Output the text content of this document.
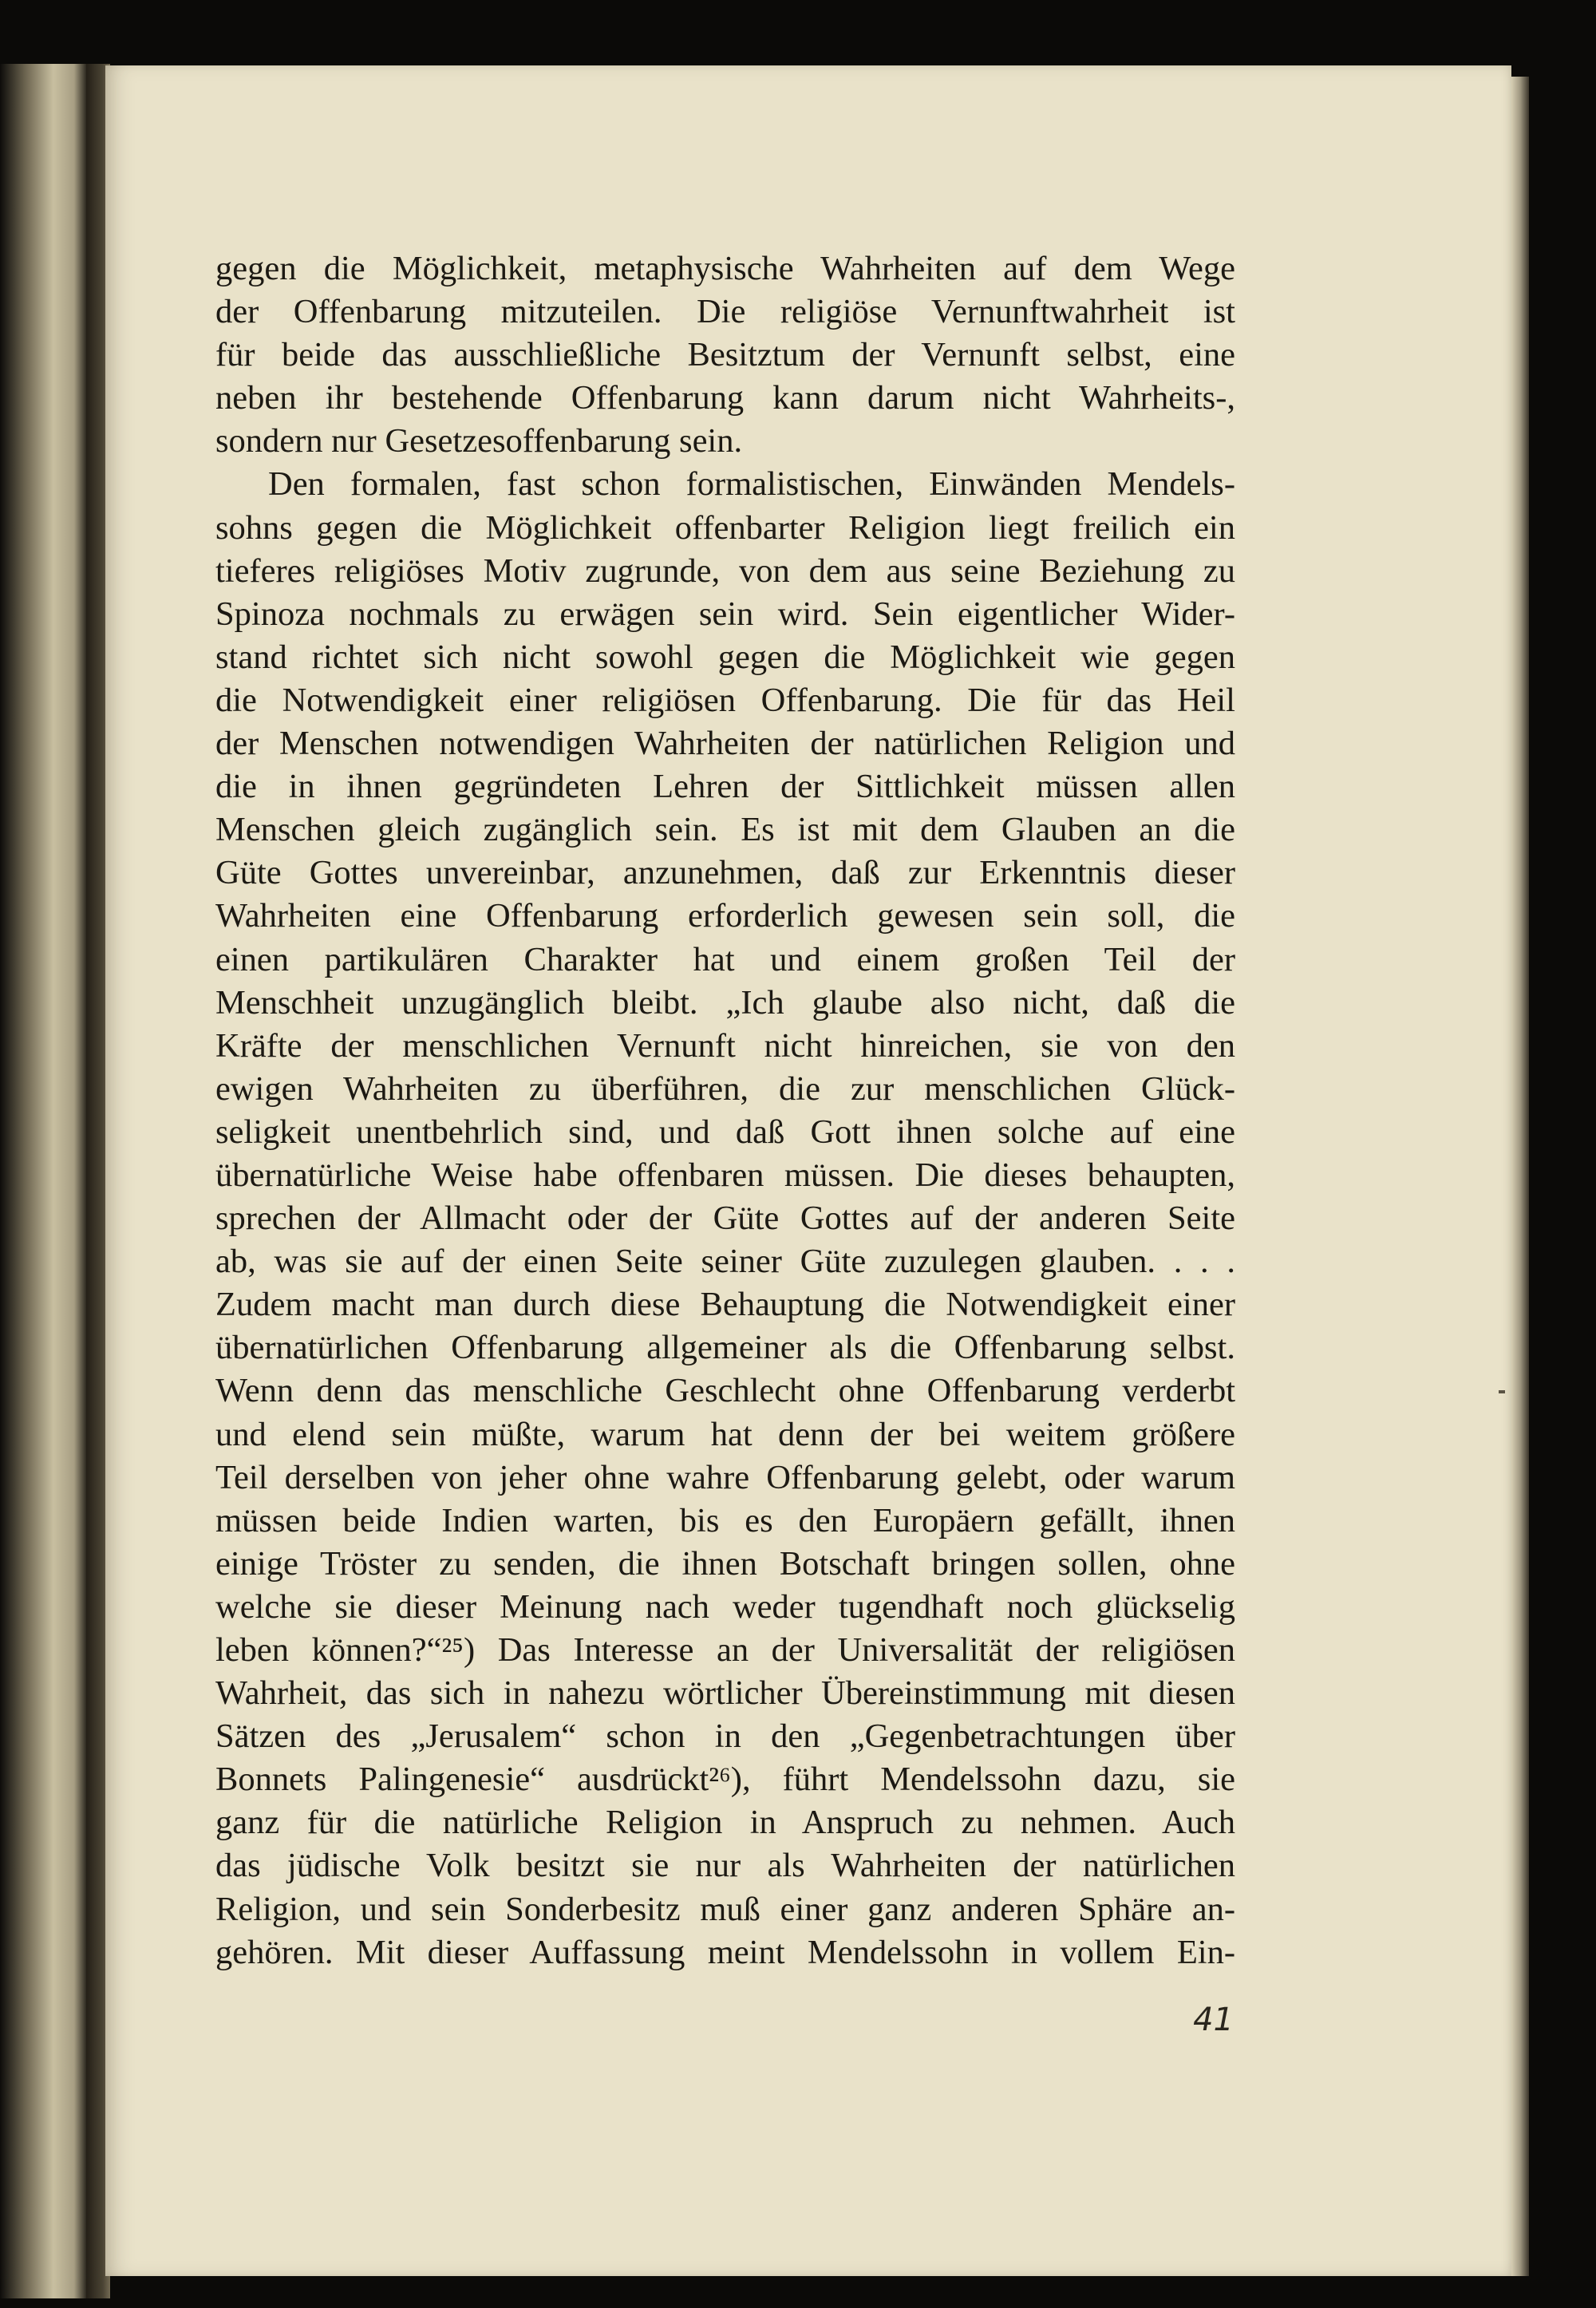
gegen die Möglichkeit, metaphysische Wahrheiten auf dem Wege
der Offenbarung mitzuteilen. Die religiöse Vernunftwahrheit ist
für beide das ausschließliche Besitztum der Vernunft selbst, eine
neben ihr bestehende Offenbarung kann darum nicht Wahrheits-,
sondern nur Gesetzesoffenbarung sein.
Den formalen, fast schon formalistischen, Einwänden Mendels-
sohns gegen die Möglichkeit offenbarter Religion liegt freilich ein
tieferes religiöses Motiv zugrunde, von dem aus seine Beziehung zu
Spinoza nochmals zu erwägen sein wird. Sein eigentlicher Wider-
stand richtet sich nicht sowohl gegen die Möglichkeit wie gegen
die Notwendigkeit einer religiösen Offenbarung. Die für das Heil
der Menschen notwendigen Wahrheiten der natürlichen Religion und
die in ihnen gegründeten Lehren der Sittlichkeit müssen allen
Menschen gleich zugänglich sein. Es ist mit dem Glauben an die
Güte Gottes unvereinbar, anzunehmen, daß zur Erkenntnis dieser
Wahrheiten eine Offenbarung erforderlich gewesen sein soll, die
einen partikulären Charakter hat und einem großen Teil der
Menschheit unzugänglich bleibt. „Ich glaube also nicht, daß die
Kräfte der menschlichen Vernunft nicht hinreichen, sie von den
ewigen Wahrheiten zu überführen, die zur menschlichen Glück-
seligkeit unentbehrlich sind, und daß Gott ihnen solche auf eine
übernatürliche Weise habe offenbaren müssen. Die dieses behaupten,
sprechen der Allmacht oder der Güte Gottes auf der anderen Seite
ab, was sie auf der einen Seite seiner Güte zuzulegen glauben. . . .
Zudem macht man durch diese Behauptung die Notwendigkeit einer
übernatürlichen Offenbarung allgemeiner als die Offenbarung selbst.
Wenn denn das menschliche Geschlecht ohne Offenbarung verderbt
und elend sein müßte, warum hat denn der bei weitem größere
Teil derselben von jeher ohne wahre Offenbarung gelebt, oder warum
müssen beide Indien warten, bis es den Europäern gefällt, ihnen
einige Tröster zu senden, die ihnen Botschaft bringen sollen, ohne
welche sie dieser Meinung nach weder tugendhaft noch glückselig
leben können?“²⁵) Das Interesse an der Universalität der religiösen
Wahrheit, das sich in nahezu wörtlicher Übereinstimmung mit diesen
Sätzen des „Jerusalem“ schon in den „Gegenbetrachtungen über
Bonnets Palingenesie“ ausdrückt²⁶), führt Mendelssohn dazu, sie
ganz für die natürliche Religion in Anspruch zu nehmen. Auch
das jüdische Volk besitzt sie nur als Wahrheiten der natürlichen
Religion, und sein Sonderbesitz muß einer ganz anderen Sphäre an-
gehören. Mit dieser Auffassung meint Mendelssohn in vollem Ein-
41
